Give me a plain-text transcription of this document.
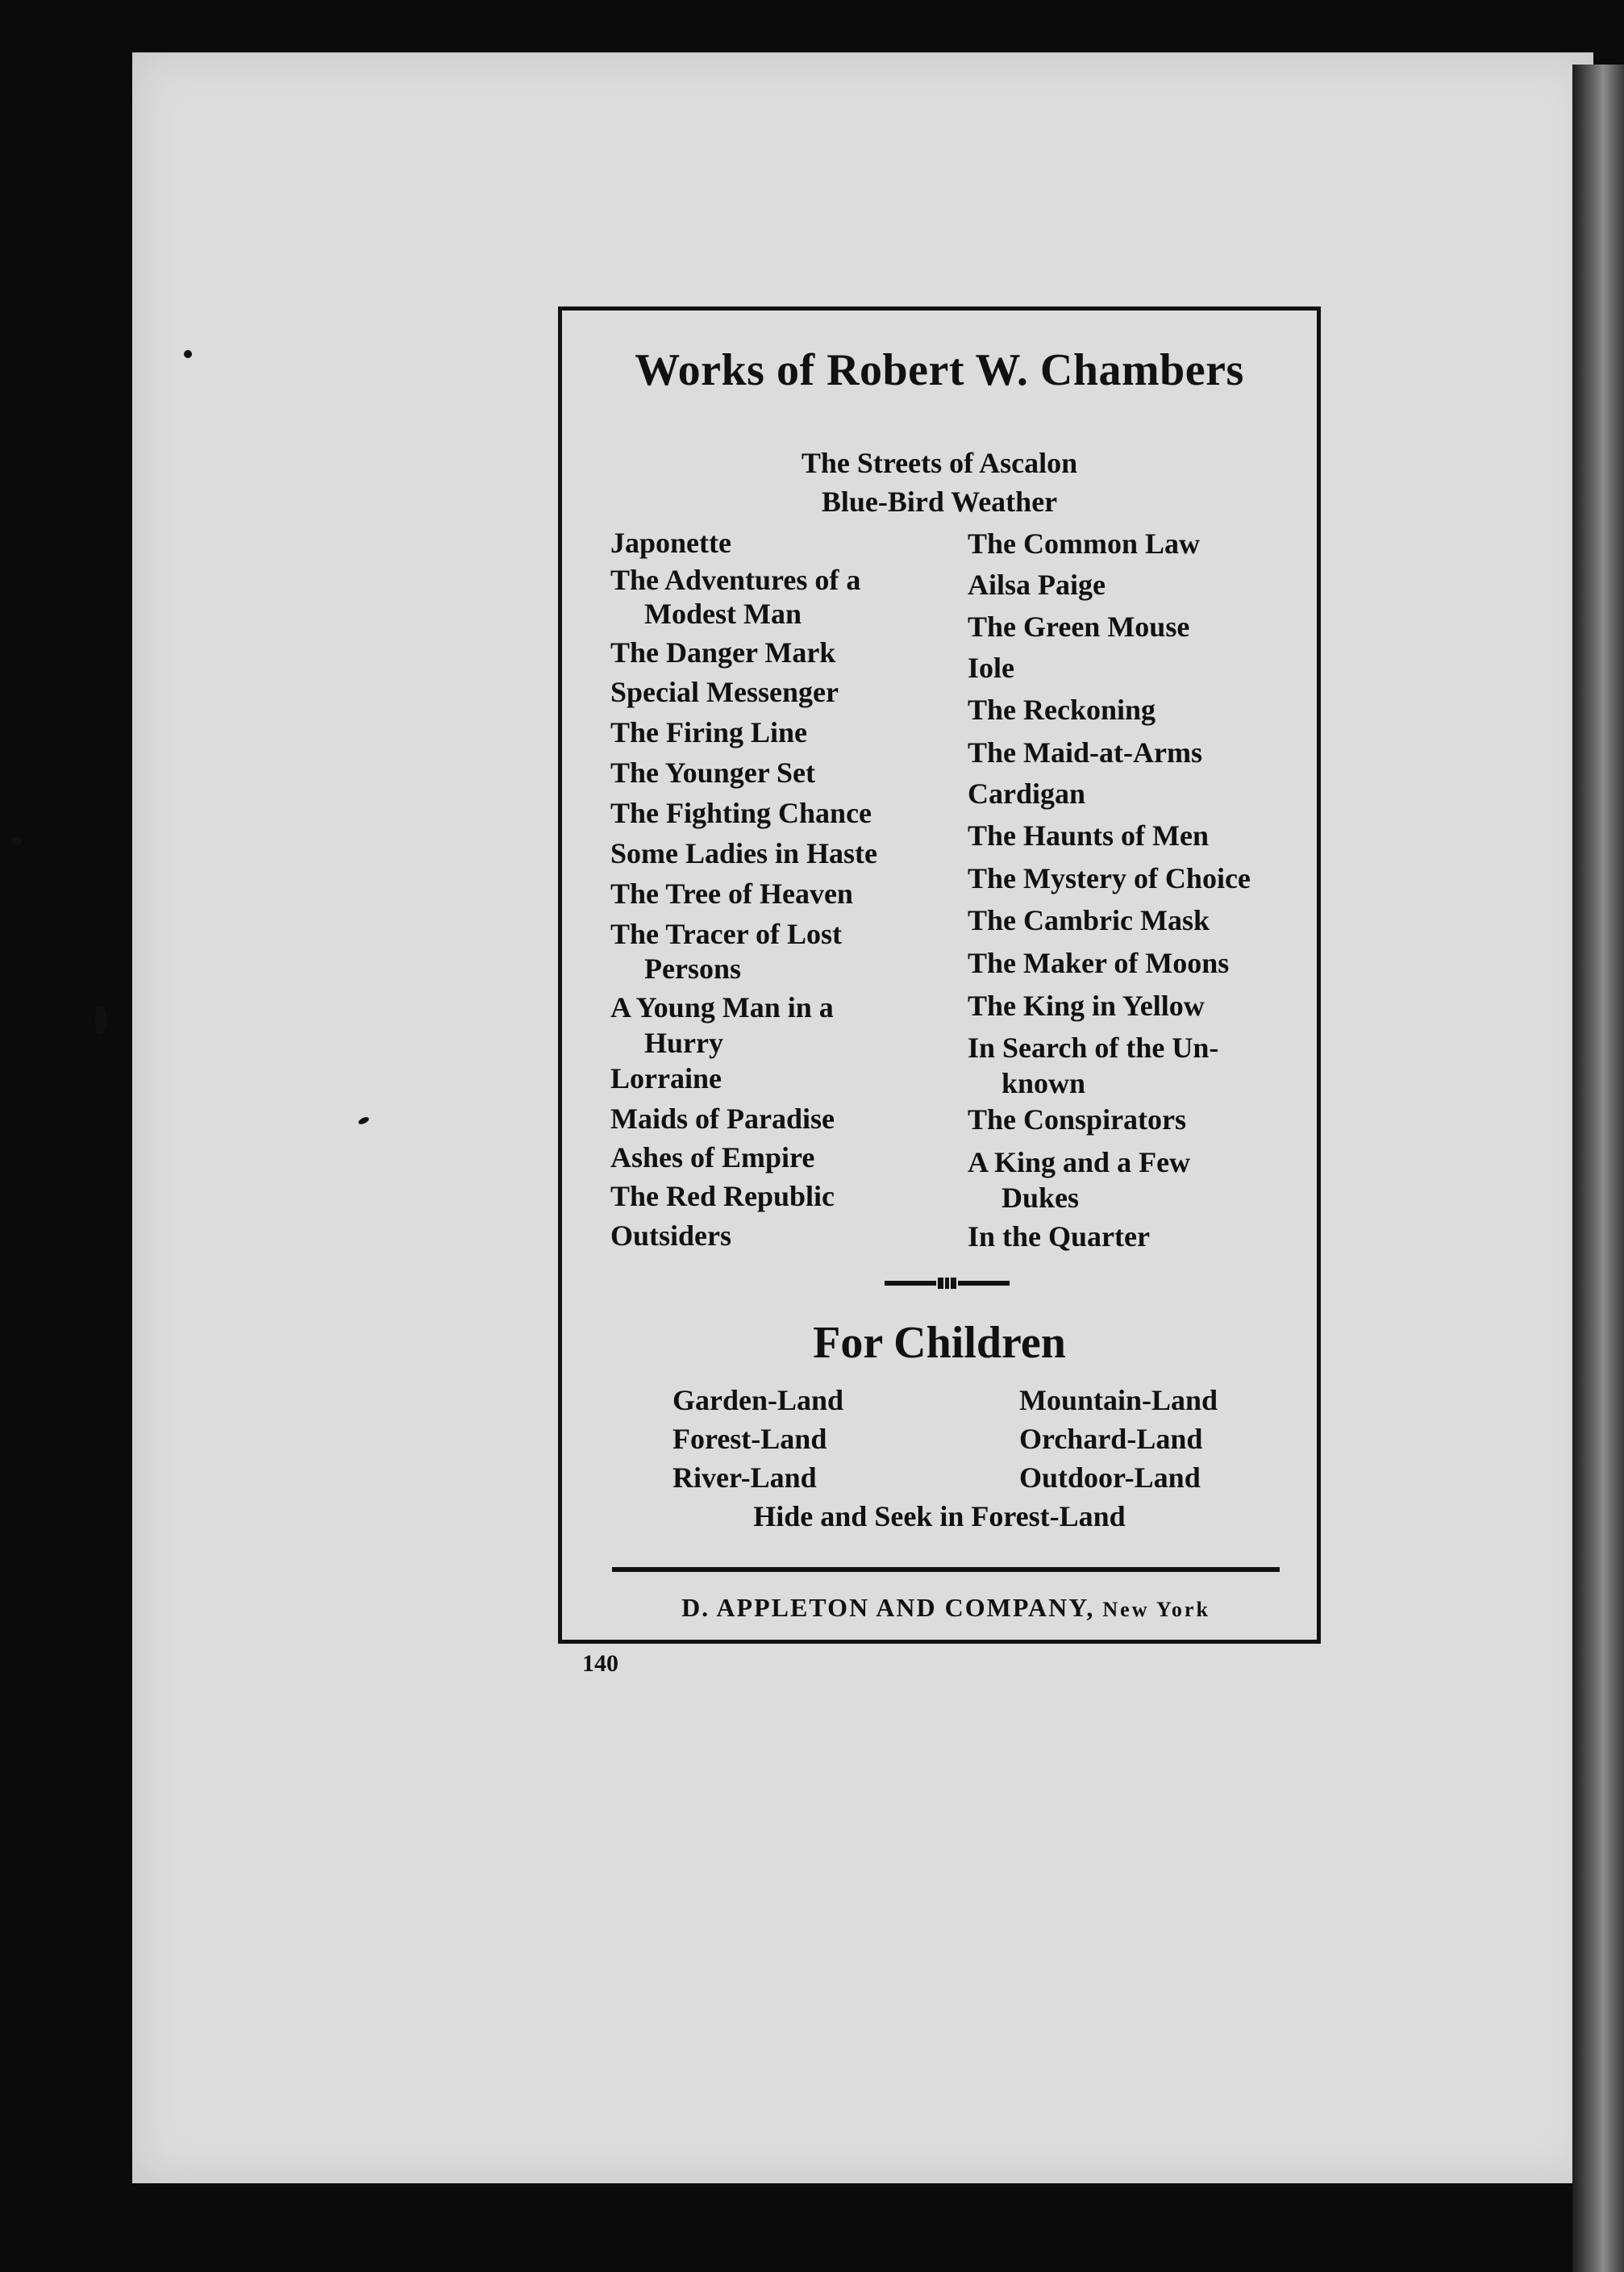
Works of Robert W. Chambers
The Streets of Ascalon
Blue-Bird Weather
Japonette
The Adventures of a
Modest Man
The Danger Mark
Special Messenger
The Firing Line
The Younger Set
The Fighting Chance
Some Ladies in Haste
The Tree of Heaven
The Tracer of Lost
Persons
A Young Man in a
Hurry
Lorraine
Maids of Paradise
Ashes of Empire
The Red Republic
Outsiders
The Common Law
Ailsa Paige
The Green Mouse
Iole
The Reckoning
The Maid-at-Arms
Cardigan
The Haunts of Men
The Mystery of Choice
The Cambric Mask
The Maker of Moons
The King in Yellow
In Search of the Un-
known
The Conspirators
A King and a Few
Dukes
In the Quarter
For Children
Garden-Land	Mountain-Land
Forest-Land	Orchard-Land
River-Land	Outdoor-Land
Hide and Seek in Forest-Land
D. APPLETON AND COMPANY, New York
140
